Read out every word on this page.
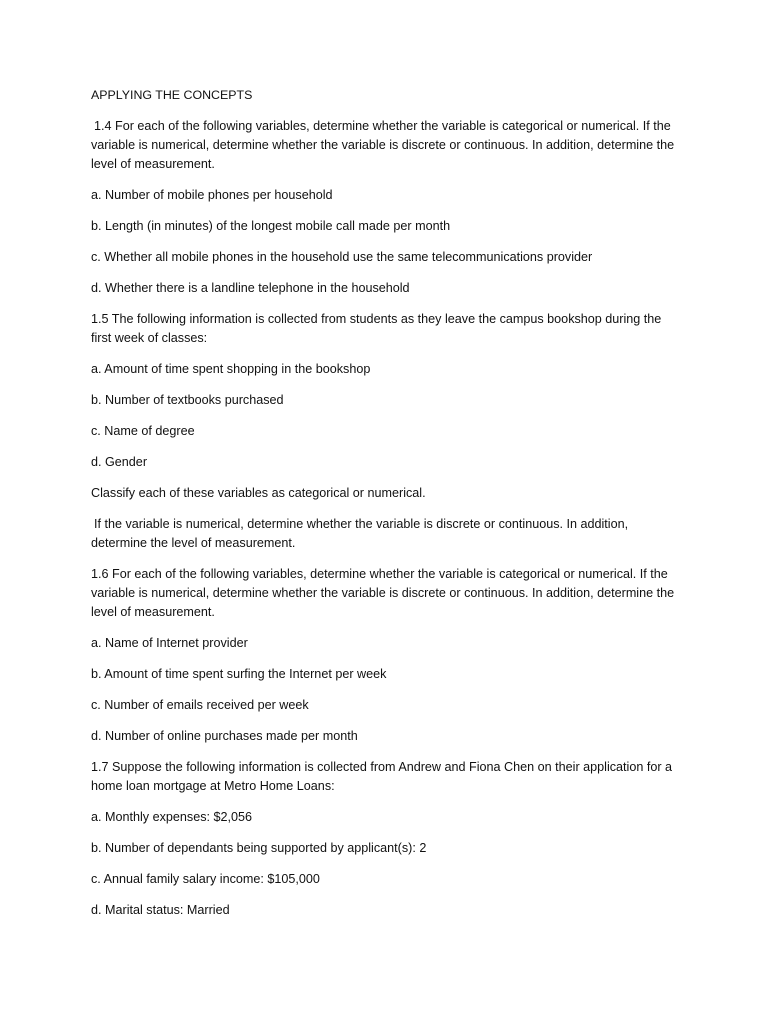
APPLYING THE CONCEPTS

1.4 For each of the following variables, determine whether the variable is categorical or numerical. If the variable is numerical, determine whether the variable is discrete or continuous. In addition, determine the level of measurement.

a. Number of mobile phones per household

b. Length (in minutes) of the longest mobile call made per month

c. Whether all mobile phones in the household use the same telecommunications provider

d. Whether there is a landline telephone in the household

1.5 The following information is collected from students as they leave the campus bookshop during the first week of classes:

a. Amount of time spent shopping in the bookshop

b. Number of textbooks purchased

c. Name of degree

d. Gender

Classify each of these variables as categorical or numerical.

If the variable is numerical, determine whether the variable is discrete or continuous. In addition, determine the level of measurement.

1.6 For each of the following variables, determine whether the variable is categorical or numerical. If the variable is numerical, determine whether the variable is discrete or continuous. In addition, determine the level of measurement.

a. Name of Internet provider

b. Amount of time spent surfing the Internet per week

c. Number of emails received per week

d. Number of online purchases made per month

1.7 Suppose the following information is collected from Andrew and Fiona Chen on their application for a home loan mortgage at Metro Home Loans:

a. Monthly expenses: $2,056

b. Number of dependants being supported by applicant(s): 2

c. Annual family salary income: $105,000

d. Marital status: Married
